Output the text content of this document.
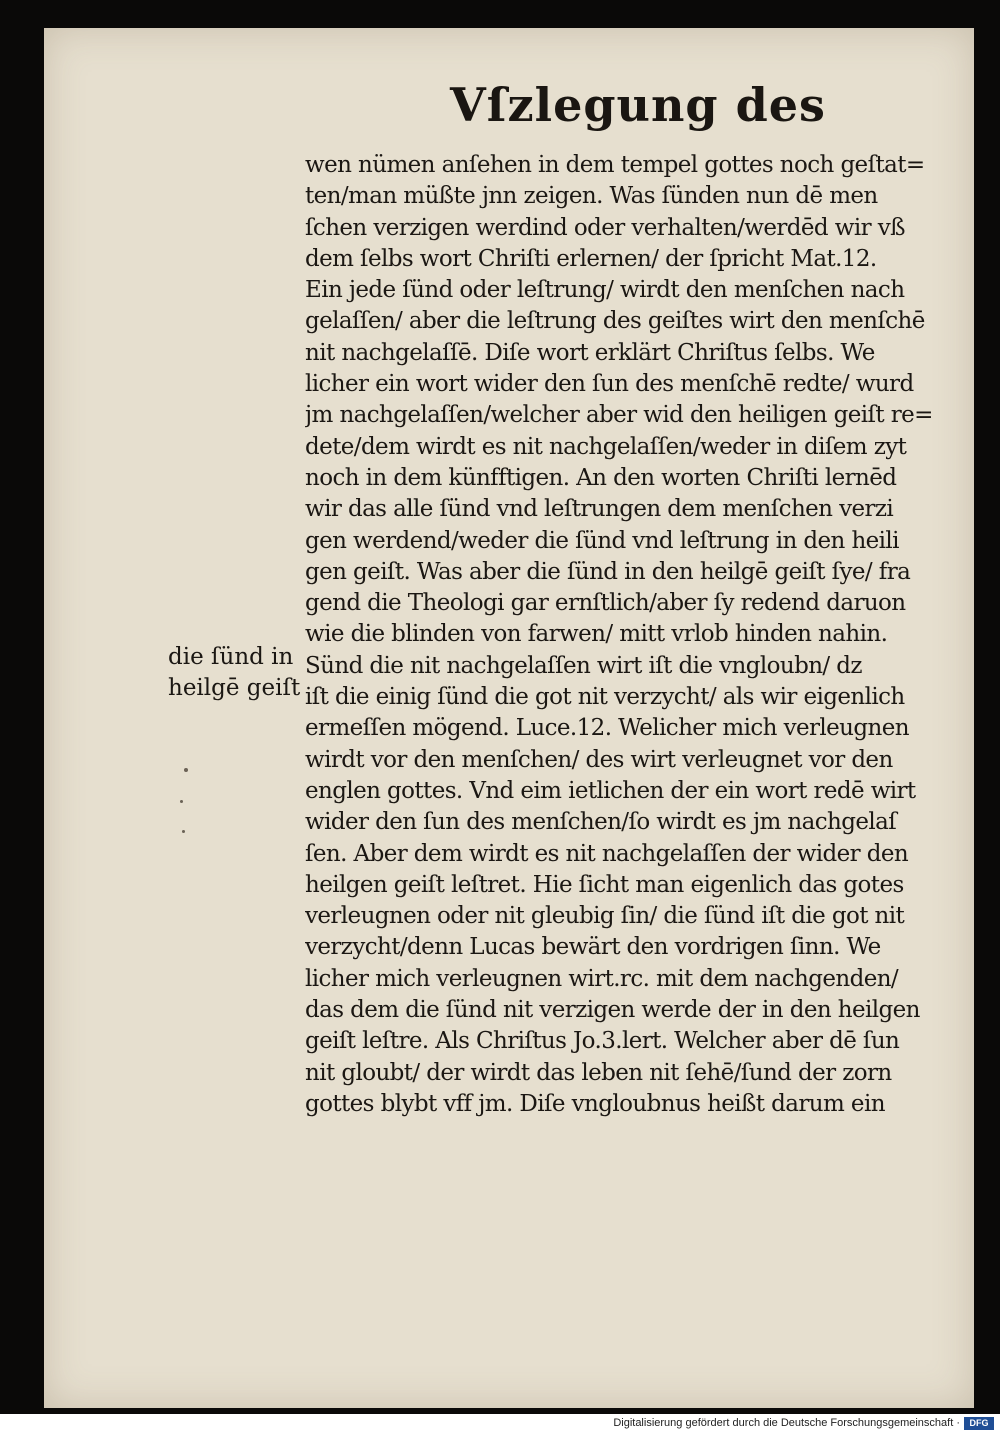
Vſzlegung des
wen nümen anſehen in dem tempel gottes noch geſtat=
ten/man müßte jnn zeigen. Was ſünden nun dē men
ſchen verzigen werdind oder verhalten/werdēd wir vß
dem ſelbs wort Chriſti erlernen/ der ſpricht Mat.12.
Ein jede ſünd oder leſtrung/ wirdt den menſchen nach
gelaſſen/ aber die leſtrung des geiſtes wirt den menſchē
nit nachgelaſſē. Diſe wort erklärt Chriſtus ſelbs. We
licher ein wort wider den ſun des menſchē redte/ wurd
jm nachgelaſſen/welcher aber wid den heiligen geiſt re=
dete/dem wirdt es nit nachgelaſſen/weder in diſem zyt
noch in dem künfftigen. An den worten Chriſti lernēd
wir das alle ſünd vnd leſtrungen dem menſchen verzi
gen werdend/weder die ſünd vnd leſtrung in den heili
gen geiſt. Was aber die ſünd in den heilgē geiſt ſye/ fra
gend die Theologi gar ernſtlich/aber ſy redend daruon
wie die blinden von farwen/ mitt vrlob hinden nahin.
Sünd die nit nachgelaſſen wirt iſt die vngloubn/ dz
iſt die einig ſünd die got nit verzycht/ als wir eigenlich
ermeſſen mögend. Luce.12. Welicher mich verleugnen
wirdt vor den menſchen/ des wirt verleugnet vor den
englen gottes. Vnd eim ietlichen der ein wort redē wirt
wider den ſun des menſchen/ſo wirdt es jm nachgelaſ
ſen. Aber dem wirdt es nit nachgelaſſen der wider den
heilgen geiſt leſtret. Hie ſicht man eigenlich das gotes
verleugnen oder nit gleubig ſin/ die ſünd iſt die got nit
verzycht/denn Lucas bewärt den vordrigen ſinn. We
licher mich verleugnen wirt.rc. mit dem nachgenden/
das dem die ſünd nit verzigen werde der in den heilgen
geiſt leſtre. Als Chriſtus Jo.3.lert. Welcher aber dē ſun
nit gloubt/ der wirdt das leben nit ſehē/ſund der zorn
gottes blybt vff jm. Diſe vngloubnus heißt darum ein
die ſünd in
heilgē geiſt
Digitalisierung gefördert durch die Deutsche Forschungsgemeinschaft ·	DFG
